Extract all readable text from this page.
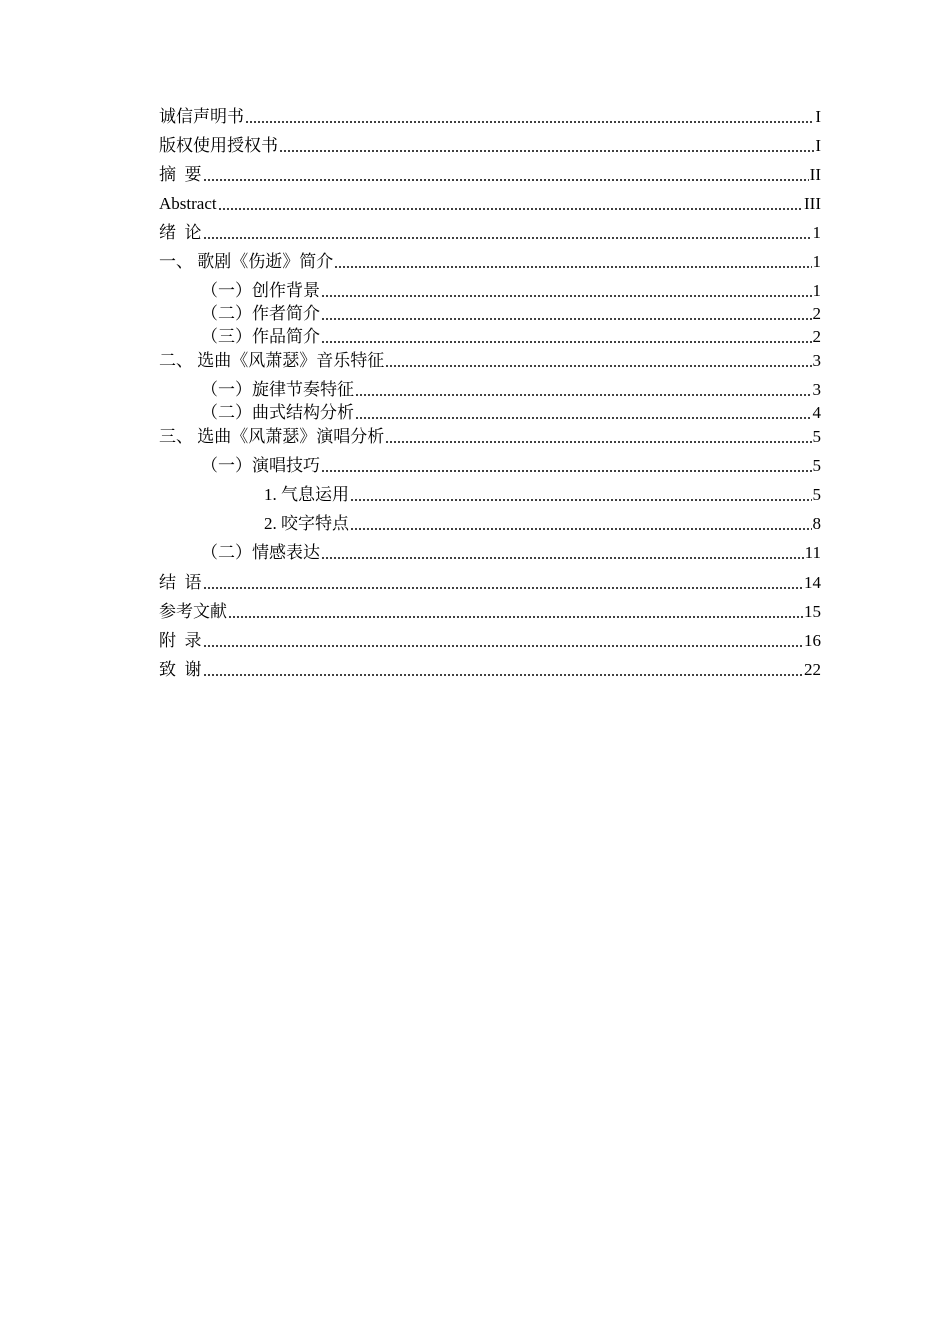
诚信声明书	I
版权使用授权书	I
摘  要	II
Abstract	III
绪  论	1
一、 歌剧《伤逝》简介	1
（一）创作背景	1
（二）作者简介	2
（三）作品简介	2
二、 选曲《风萧瑟》音乐特征	3
（一）旋律节奏特征	3
（二）曲式结构分析	4
三、 选曲《风萧瑟》演唱分析	5
（一）演唱技巧	5
1. 气息运用	5
2. 咬字特点	8
（二）情感表达	11
结  语	14
参考文献	15
附  录	16
致  谢	22
